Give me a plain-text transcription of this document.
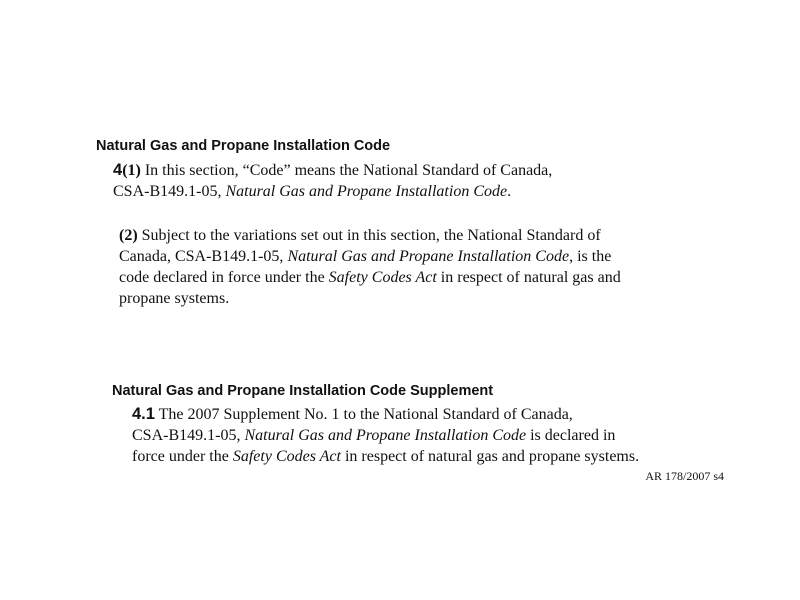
Natural Gas and Propane Installation Code
4(1) In this section, “Code” means the National Standard of Canada,
CSA-B149.1-05, Natural Gas and Propane Installation Code.
(2) Subject to the variations set out in this section, the National Standard of
Canada, CSA-B149.1-05, Natural Gas and Propane Installation Code, is the
code declared in force under the Safety Codes Act in respect of natural gas and
propane systems.
Natural Gas and Propane Installation Code Supplement
4.1 The 2007 Supplement No. 1 to the National Standard of Canada,
CSA-B149.1-05, Natural Gas and Propane Installation Code is declared in
force under the Safety Codes Act in respect of natural gas and propane systems.
AR 178/2007 s4
